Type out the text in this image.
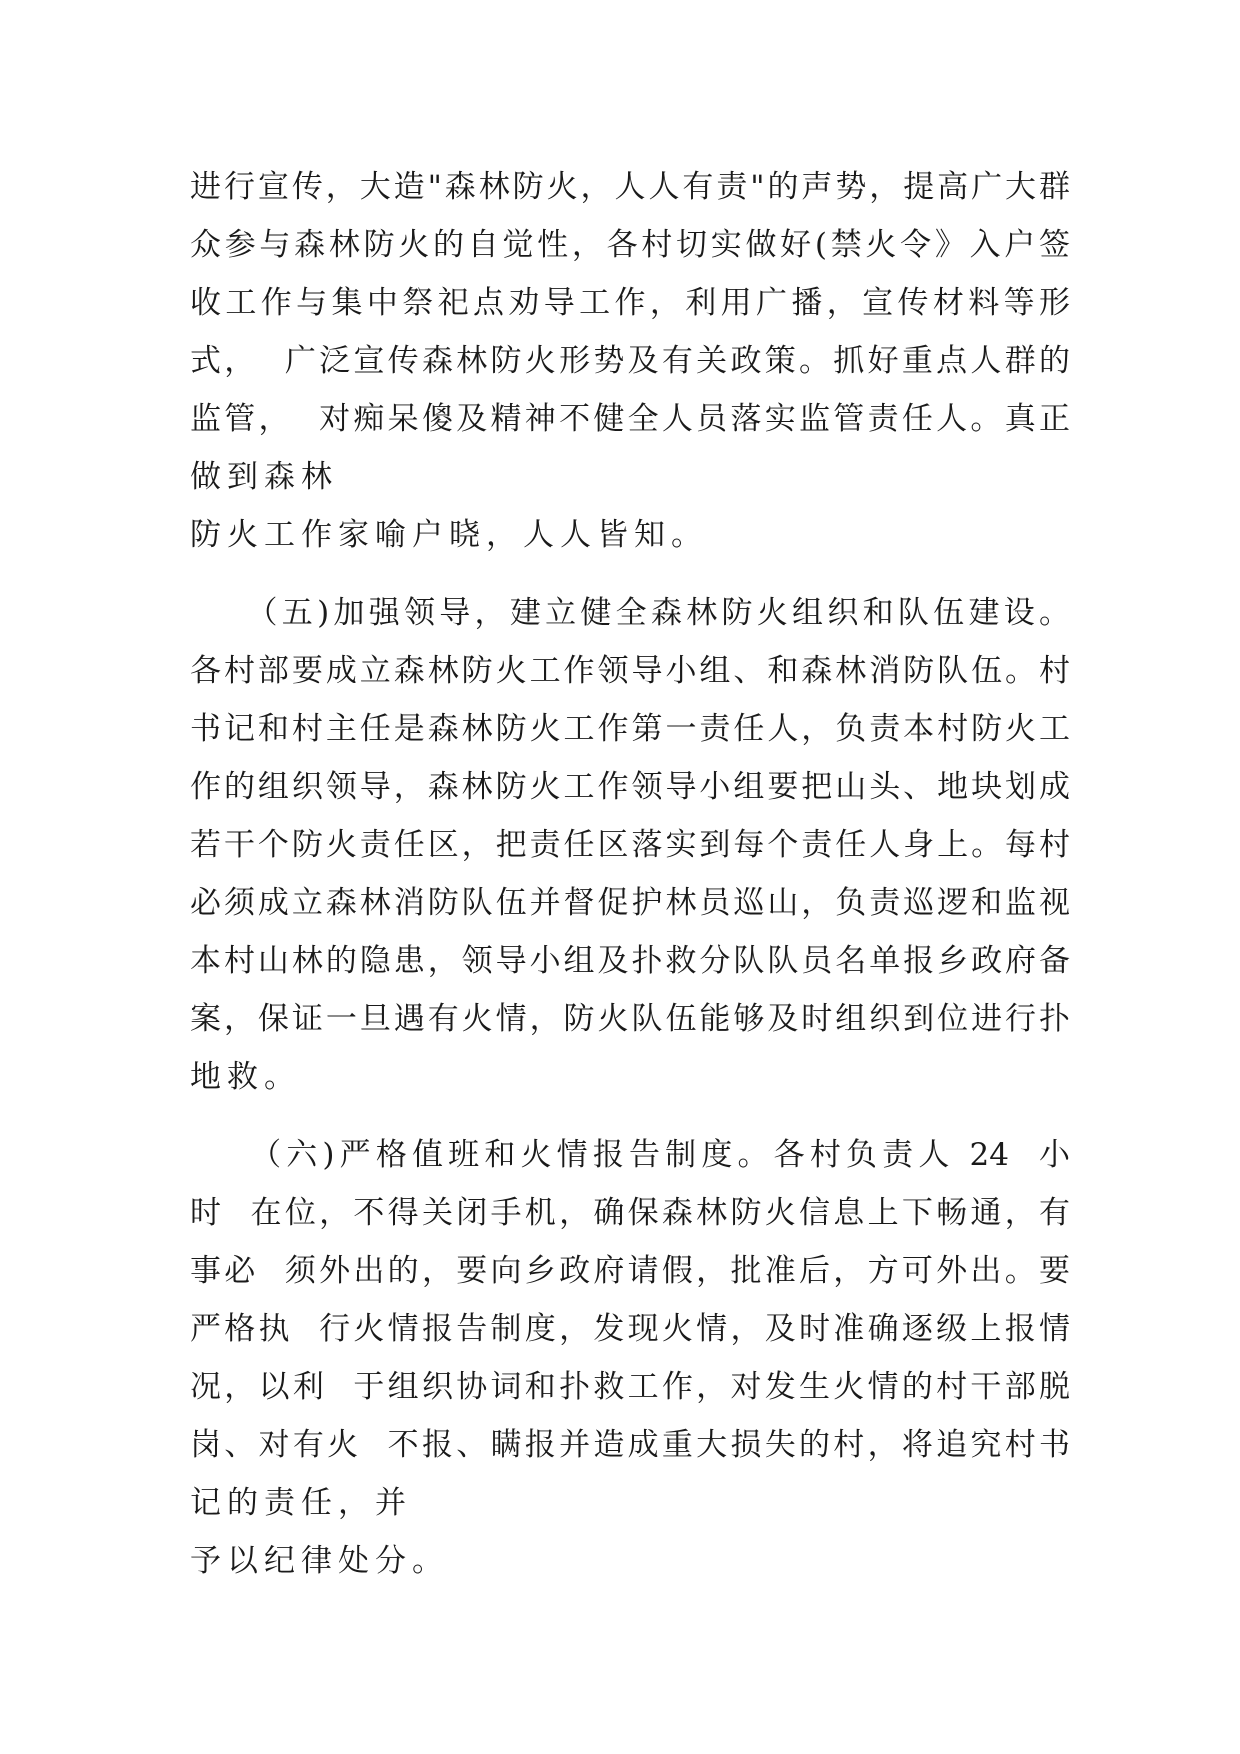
进行宣传，大造"森林防火，人人有责"的声势，提高广大群
众参与森林防火的自觉性，各村切实做好(禁火令》入户签
收工作与集中祭祀点劝导工作，利用广播，宣传材料等形
式，  广泛宣传森林防火形势及有关政策。抓好重点人群的
监管，  对痴呆傻及精神不健全人员落实监管责任人。真正
做到森林
防火工作家喻户晓，人人皆知。
（五)加强领导，建立健全森林防火组织和队伍建设。
各村部要成立森林防火工作领导小组、和森林消防队伍。村
书记和村主任是森林防火工作第一责任人，负责本村防火工
作的组织领导，森林防火工作领导小组要把山头、地块划成
若干个防火责任区，把责任区落实到每个责任人身上。每村
必须成立森林消防队伍并督促护林员巡山，负责巡逻和监视
本村山林的隐患，领导小组及扑救分队队员名单报乡政府备
案，保证一旦遇有火情，防火队伍能够及时组织到位进行扑
地救。
（六)严格值班和火情报告制度。各村负责人 24  小
时  在位，不得关闭手机，确保森林防火信息上下畅通，有
事必  须外出的，要向乡政府请假，批准后，方可外出。要
严格执  行火情报告制度，发现火情，及时准确逐级上报情
况，以利  于组织协词和扑救工作，对发生火情的村干部脱
岗、对有火  不报、瞒报并造成重大损失的村，将追究村书
记的责任，并
予以纪律处分。
